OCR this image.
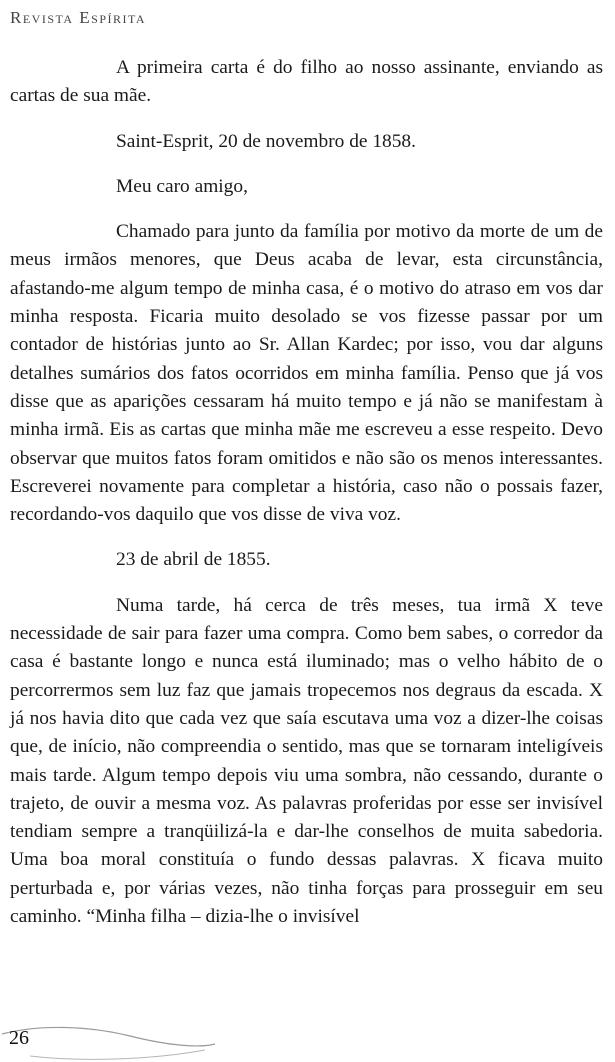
Revista Espírita

A primeira carta é do filho ao nosso assinante, enviando as cartas de sua mãe.

Saint-Esprit, 20 de novembro de 1858.

Meu caro amigo,

Chamado para junto da família por motivo da morte de um de meus irmãos menores, que Deus acaba de levar, esta circunstância, afastando-me algum tempo de minha casa, é o motivo do atraso em vos dar minha resposta. Ficaria muito desolado se vos fizesse passar por um contador de histórias junto ao Sr. Allan Kardec; por isso, vou dar alguns detalhes sumários dos fatos ocorridos em minha família. Penso que já vos disse que as aparições cessaram há muito tempo e já não se manifestam à minha irmã. Eis as cartas que minha mãe me escreveu a esse respeito. Devo observar que muitos fatos foram omitidos e não são os menos interessantes. Escreverei novamente para completar a história, caso não o possais fazer, recordando-vos daquilo que vos disse de viva voz.

23 de abril de 1855.

Numa tarde, há cerca de três meses, tua irmã X teve necessidade de sair para fazer uma compra. Como bem sabes, o corredor da casa é bastante longo e nunca está iluminado; mas o velho hábito de o percorrermos sem luz faz que jamais tropecemos nos degraus da escada. X já nos havia dito que cada vez que saía escutava uma voz a dizer-lhe coisas que, de início, não compreendia o sentido, mas que se tornaram inteligíveis mais tarde. Algum tempo depois viu uma sombra, não cessando, durante o trajeto, de ouvir a mesma voz. As palavras proferidas por esse ser invisível tendiam sempre a tranqüilizá-la e dar-lhe conselhos de muita sabedoria. Uma boa moral constituía o fundo dessas palavras. X ficava muito perturbada e, por várias vezes, não tinha forças para prosseguir em seu caminho. “Minha filha – dizia-lhe o invisível

26
